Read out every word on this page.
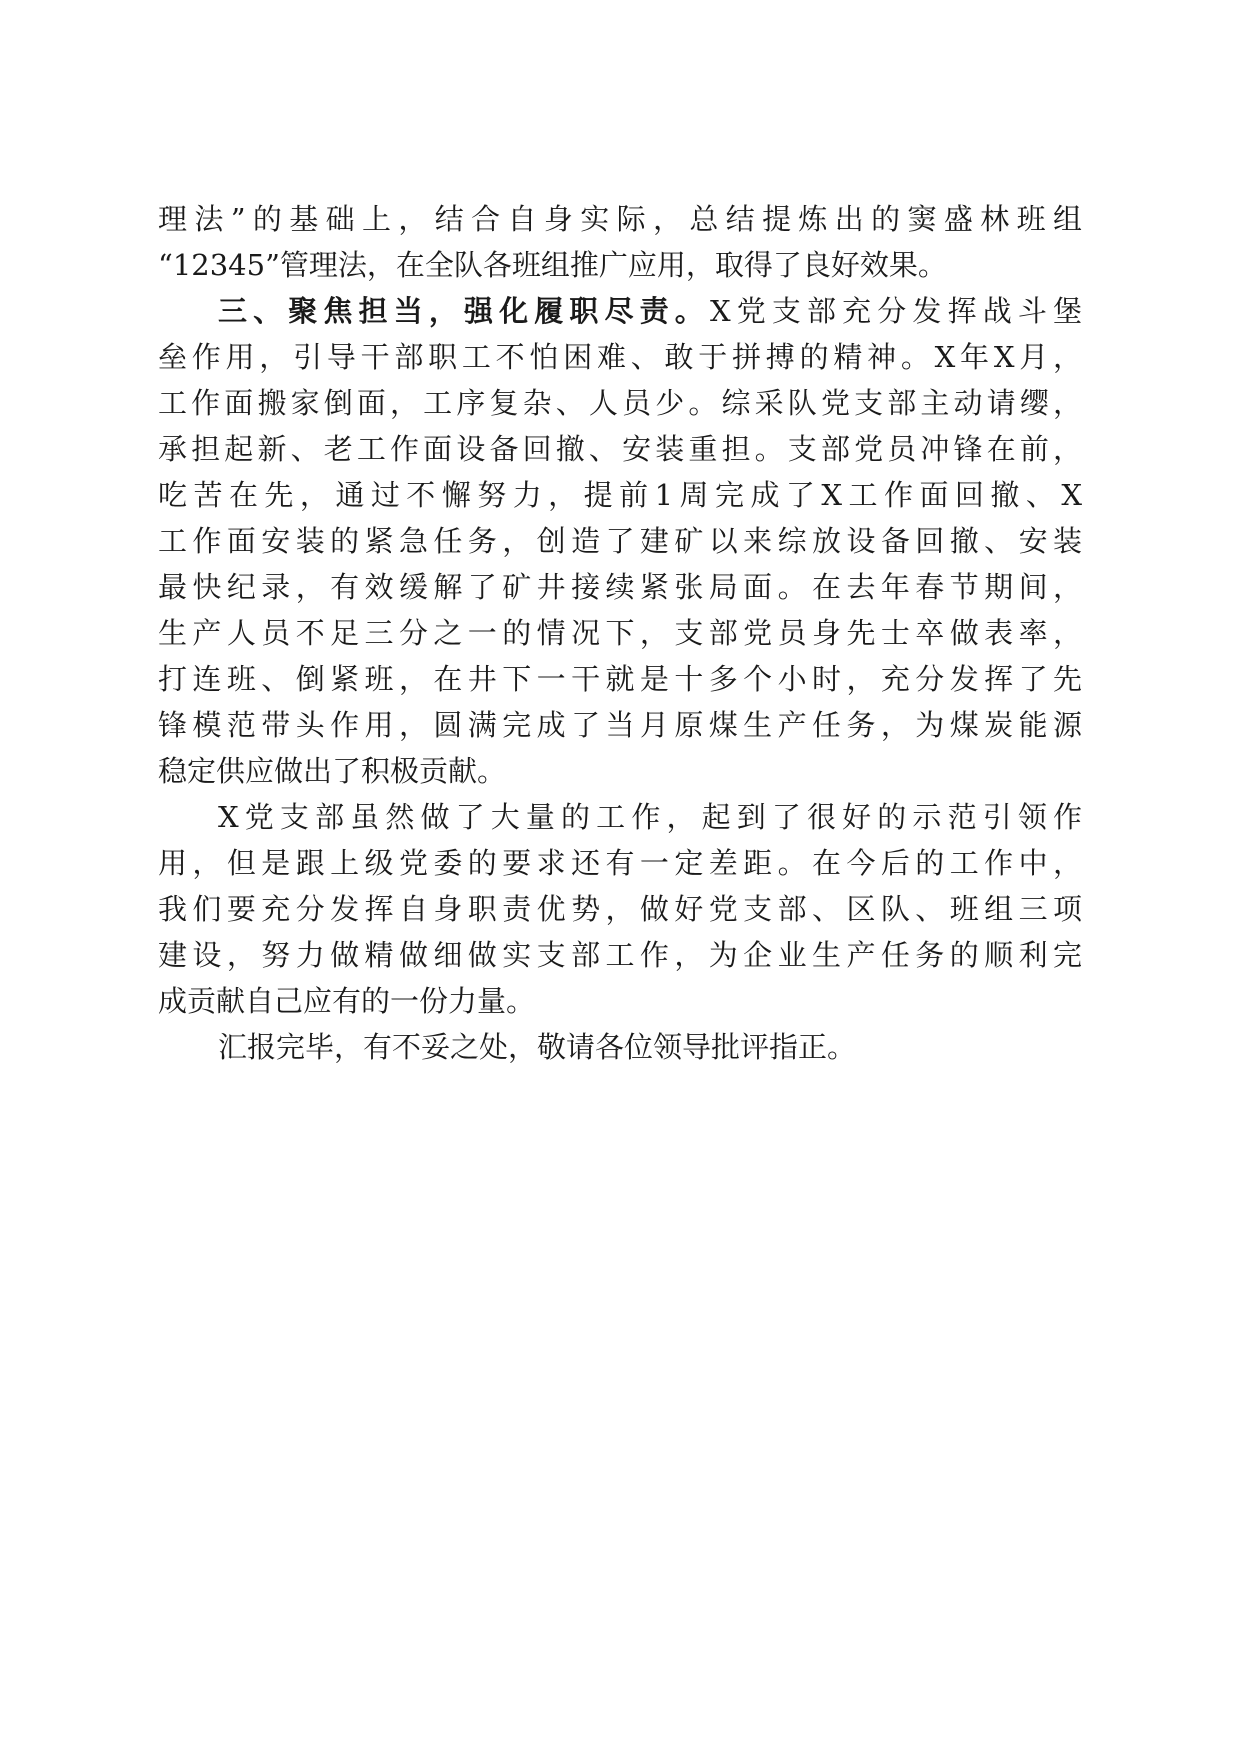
理法”的基础上，结合自身实际，总结提炼出的窦盛林班组
“12345”管理法，在全队各班组推广应用，取得了良好效果。
三、聚焦担当，强化履职尽责。X党支部充分发挥战斗堡
垒作用，引导干部职工不怕困难、敢于拼搏的精神。X年X月，
工作面搬家倒面，工序复杂、人员少。综采队党支部主动请缨，
承担起新、老工作面设备回撤、安装重担。支部党员冲锋在前，
吃苦在先，通过不懈努力，提前1周完成了X工作面回撤、X
工作面安装的紧急任务，创造了建矿以来综放设备回撤、安装
最快纪录，有效缓解了矿井接续紧张局面。在去年春节期间，
生产人员不足三分之一的情况下，支部党员身先士卒做表率，
打连班、倒紧班，在井下一干就是十多个小时，充分发挥了先
锋模范带头作用，圆满完成了当月原煤生产任务，为煤炭能源
稳定供应做出了积极贡献。
X党支部虽然做了大量的工作，起到了很好的示范引领作
用，但是跟上级党委的要求还有一定差距。在今后的工作中，
我们要充分发挥自身职责优势，做好党支部、区队、班组三项
建设，努力做精做细做实支部工作，为企业生产任务的顺利完
成贡献自己应有的一份力量。
汇报完毕，有不妥之处，敬请各位领导批评指正。
